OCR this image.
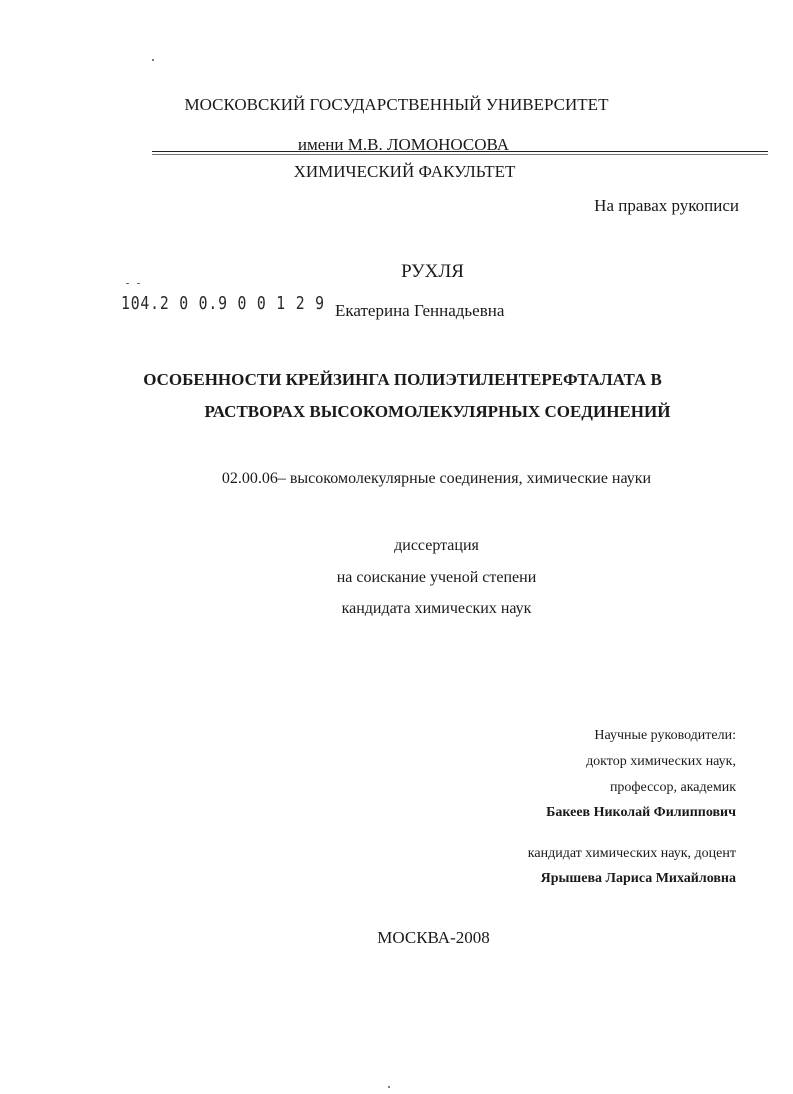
МОСКОВСКИЙ ГОСУДАРСТВЕННЫЙ УНИВЕРСИТЕТ
имени М.В. ЛОМОНОСОВА
ХИМИЧЕСКИЙ ФАКУЛЬТЕТ
На правах рукописи
РУХЛЯ
104.2 0 0.9 0 0 1 2 9 Екатерина Геннадьевна
ОСОБЕННОСТИ КРЕЙЗИНГА ПОЛИЭТИЛЕНТЕРЕФТАЛАТА В
РАСТВОРАХ ВЫСОКОМОЛЕКУЛЯРНЫХ СОЕДИНЕНИЙ
02.00.06– высокомолекулярные соединения, химические науки
диссертация
на соискание ученой степени
кандидата химических наук
Научные руководители:
доктор химических наук,
профессор, академик
Бакеев Николай Филиппович
кандидат химических наук, доцент
Ярышева Лариса Михайловна
МОСКВА-2008
